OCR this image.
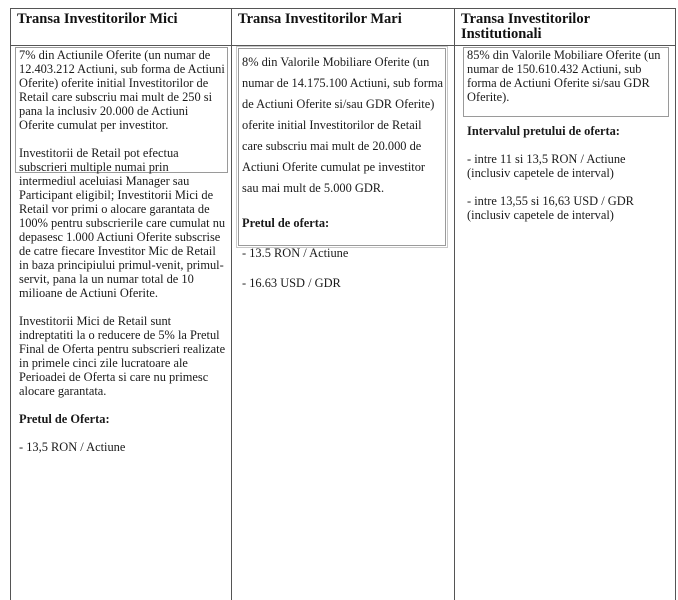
Transa Investitorilor Mici	Transa Investitorilor Mari	Transa Investitorilor Institutionali

7% din Actiunile Oferite (un numar de 12.403.212 Actiuni, sub forma de Actiuni Oferite) oferite initial Investitorilor de Retail care subscriu mai mult de 250 si pana la inclusiv 20.000 de Actiuni Oferite cumulat per investitor.

Investitorii de Retail pot efectua subscrieri multiple numai prin intermediul aceluiasi Manager sau Participant eligibil; Investitorii Mici de Retail vor primi o alocare garantata de 100% pentru subscrierile care cumulat nu depasesc 1.000 Actiuni Oferite subscrise de catre fiecare Investitor Mic de Retail in baza principiului primul-venit, primul-servit, pana la un numar total de 10 milioane de Actiuni Oferite.

Investitorii Mici de Retail sunt indreptatiti la o reducere de 5% la Pretul Final de Oferta pentru subscrieri realizate in primele cinci zile lucratoare ale Perioadei de Oferta si care nu primesc alocare garantata.

Pretul de Oferta:

- 13,5 RON / Actiune

8% din Valorile Mobiliare Oferite (un numar de 14.175.100 Actiuni, sub forma de Actiuni Oferite si/sau GDR Oferite) oferite initial Investitorilor de Retail care subscriu mai mult de 20.000 de Actiuni Oferite cumulat pe investitor sau mai mult de 5.000 GDR.

Pretul de oferta:

- 13.5 RON / Actiune

- 16.63 USD / GDR

85% din Valorile Mobiliare Oferite (un numar de 150.610.432 Actiuni, sub forma de Actiuni Oferite si/sau GDR Oferite).

Intervalul pretului de oferta:

- intre 11 si 13,5 RON / Actiune (inclusiv capetele de interval)

- intre 13,55 si 16,63 USD / GDR (inclusiv capetele de interval)
